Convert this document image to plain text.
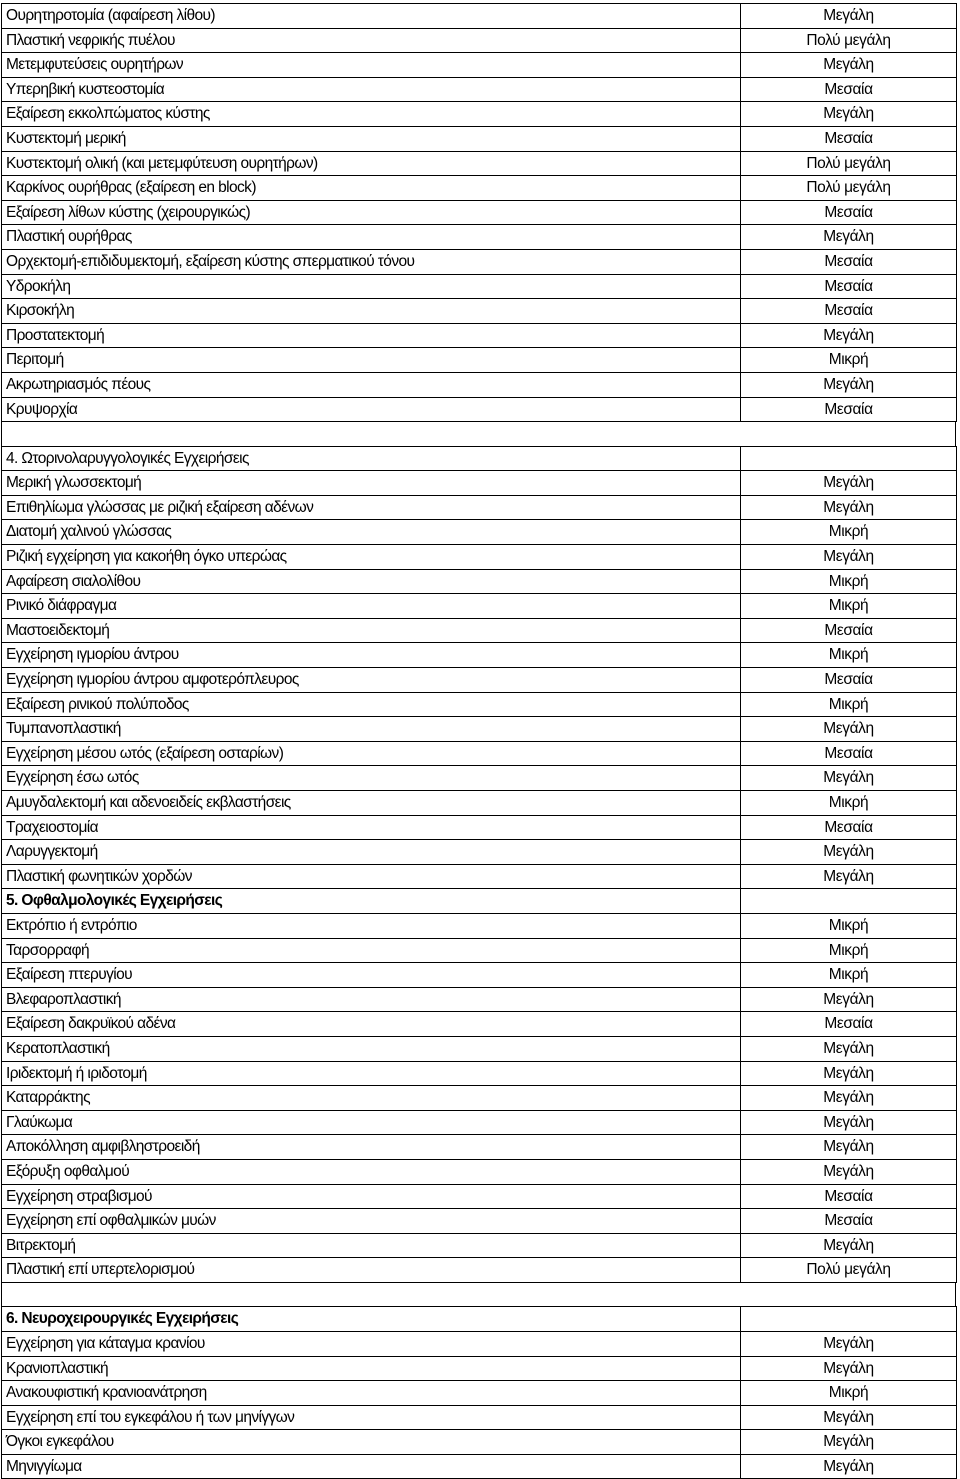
Ουρητηροτομία (αφαίρεση λίθου)	Μεγάλη
Πλαστική νεφρικής πυέλου	Πολύ μεγάλη
Μετεμφυτεύσεις ουρητήρων	Μεγάλη
Υπερηβική κυστεοστομία	Μεσαία
Εξαίρεση εκκολπώματος κύστης	Μεγάλη
Κυστεκτομή μερική	Μεσαία
Κυστεκτομή ολική (και μετεμφύτευση ουρητήρων)	Πολύ μεγάλη
Καρκίνος ουρήθρας (εξαίρεση en block)	Πολύ μεγάλη
Εξαίρεση λίθων κύστης (χειρουργικώς)	Μεσαία
Πλαστική ουρήθρας	Μεγάλη
Ορχεκτομή-επιδιδυμεκτομή, εξαίρεση κύστης σπερματικού τόνου	Μεσαία
Υδροκήλη	Μεσαία
Κιρσοκήλη	Μεσαία
Προστατεκτομή	Μεγάλη
Περιτομή	Μικρή
Ακρωτηριασμός πέους	Μεγάλη
Κρυψορχία	Μεσαία
4. Ωτορινολαρυγγολογικές Εγχειρήσεις
Μερική γλωσσεκτομή	Μεγάλη
Επιθηλίωμα γλώσσας με ριζική εξαίρεση αδένων	Μεγάλη
Διατομή χαλινού γλώσσας	Μικρή
Ριζική εγχείρηση για κακοήθη όγκο υπερώας	Μεγάλη
Αφαίρεση σιαλολίθου	Μικρή
Ρινικό διάφραγμα	Μικρή
Μαστοειδεκτομή	Μεσαία
Εγχείρηση ιγμορίου άντρου	Μικρή
Εγχείρηση ιγμορίου άντρου αμφοτερόπλευρος	Μεσαία
Εξαίρεση ρινικού πολύποδος	Μικρή
Τυμπανοπλαστική	Μεγάλη
Εγχείρηση μέσου ωτός (εξαίρεση οσταρίων)	Μεσαία
Εγχείρηση έσω ωτός	Μεγάλη
Αμυγδαλεκτομή και αδενοειδείς εκβλαστήσεις	Μικρή
Τραχειοστομία	Μεσαία
Λαρυγγεκτομή	Μεγάλη
Πλαστική φωνητικών χορδών	Μεγάλη
5. Οφθαλμολογικές Εγχειρήσεις
Εκτρόπιο ή εντρόπιο	Μικρή
Ταρσορραφή	Μικρή
Εξαίρεση πτερυγίου	Μικρή
Βλεφαροπλαστική	Μεγάλη
Εξαίρεση δακρυϊκού αδένα	Μεσαία
Κερατοπλαστική	Μεγάλη
Ιριδεκτομή ή ιριδοτομή	Μεγάλη
Καταρράκτης	Μεγάλη
Γλαύκωμα	Μεγάλη
Αποκόλληση αμφιβληστροειδή	Μεγάλη
Εξόρυξη οφθαλμού	Μεγάλη
Εγχείρηση στραβισμού	Μεσαία
Εγχείρηση επί οφθαλμικών μυών	Μεσαία
Βιτρεκτομή	Μεγάλη
Πλαστική επί υπερτελορισμού	Πολύ μεγάλη
6. Νευροχειρουργικές Εγχειρήσεις
Εγχείρηση για κάταγμα κρανίου	Μεγάλη
Κρανιοπλαστική	Μεγάλη
Ανακουφιστική κρανιοανάτρηση	Μικρή
Εγχείρηση επί του εγκεφάλου ή των μηνίγγων	Μεγάλη
Όγκοι εγκεφάλου	Μεγάλη
Μηνιγγίωμα	Μεγάλη
